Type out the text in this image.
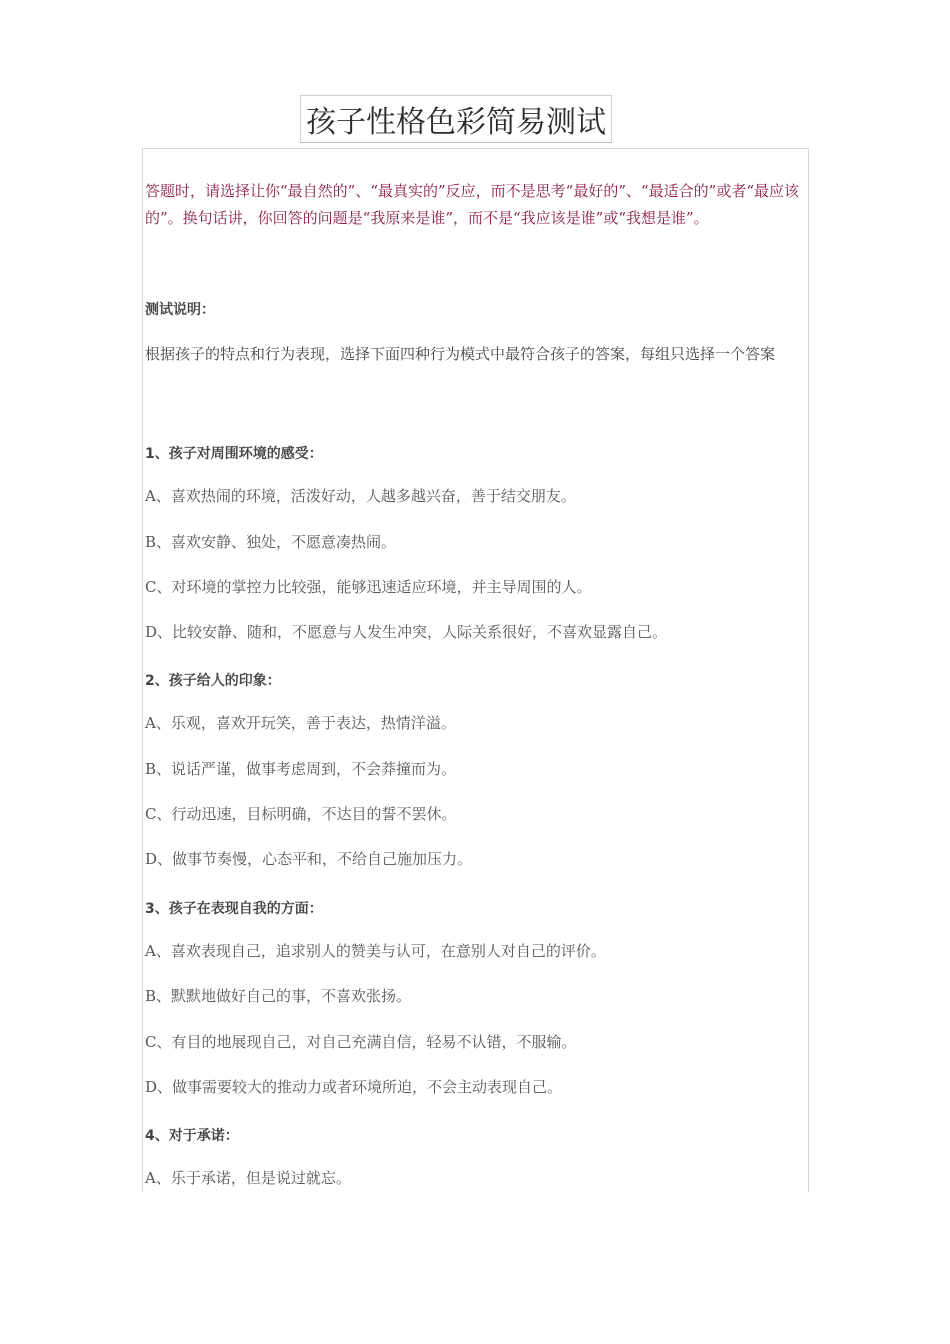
孩子性格色彩简易测试
答题时，请选择让你“最自然的”、“最真实的”反应，而不是思考“最好的”、“最适合的”或者“最应该的”。换句话讲，你回答的问题是“我原来是谁”，而不是“我应该是谁”或“我想是谁”。
测试说明：
根据孩子的特点和行为表现，选择下面四种行为模式中最符合孩子的答案，每组只选择一个答案
1、孩子对周围环境的感受：
A、喜欢热闹的环境，活泼好动，人越多越兴奋，善于结交朋友。
B、喜欢安静、独处，不愿意凑热闹。
C、对环境的掌控力比较强，能够迅速适应环境，并主导周围的人。
D、比较安静、随和，不愿意与人发生冲突，人际关系很好，不喜欢显露自己。
2、孩子给人的印象：
A、乐观，喜欢开玩笑，善于表达，热情洋溢。
B、说话严谨，做事考虑周到，不会莽撞而为。
C、行动迅速，目标明确，不达目的誓不罢休。
D、做事节奏慢，心态平和，不给自己施加压力。
3、孩子在表现自我的方面：
A、喜欢表现自己，追求别人的赞美与认可，在意别人对自己的评价。
B、默默地做好自己的事，不喜欢张扬。
C、有目的地展现自己，对自己充满自信，轻易不认错，不服输。
D、做事需要较大的推动力或者环境所迫，不会主动表现自己。
4、对于承诺：
A、乐于承诺，但是说过就忘。
